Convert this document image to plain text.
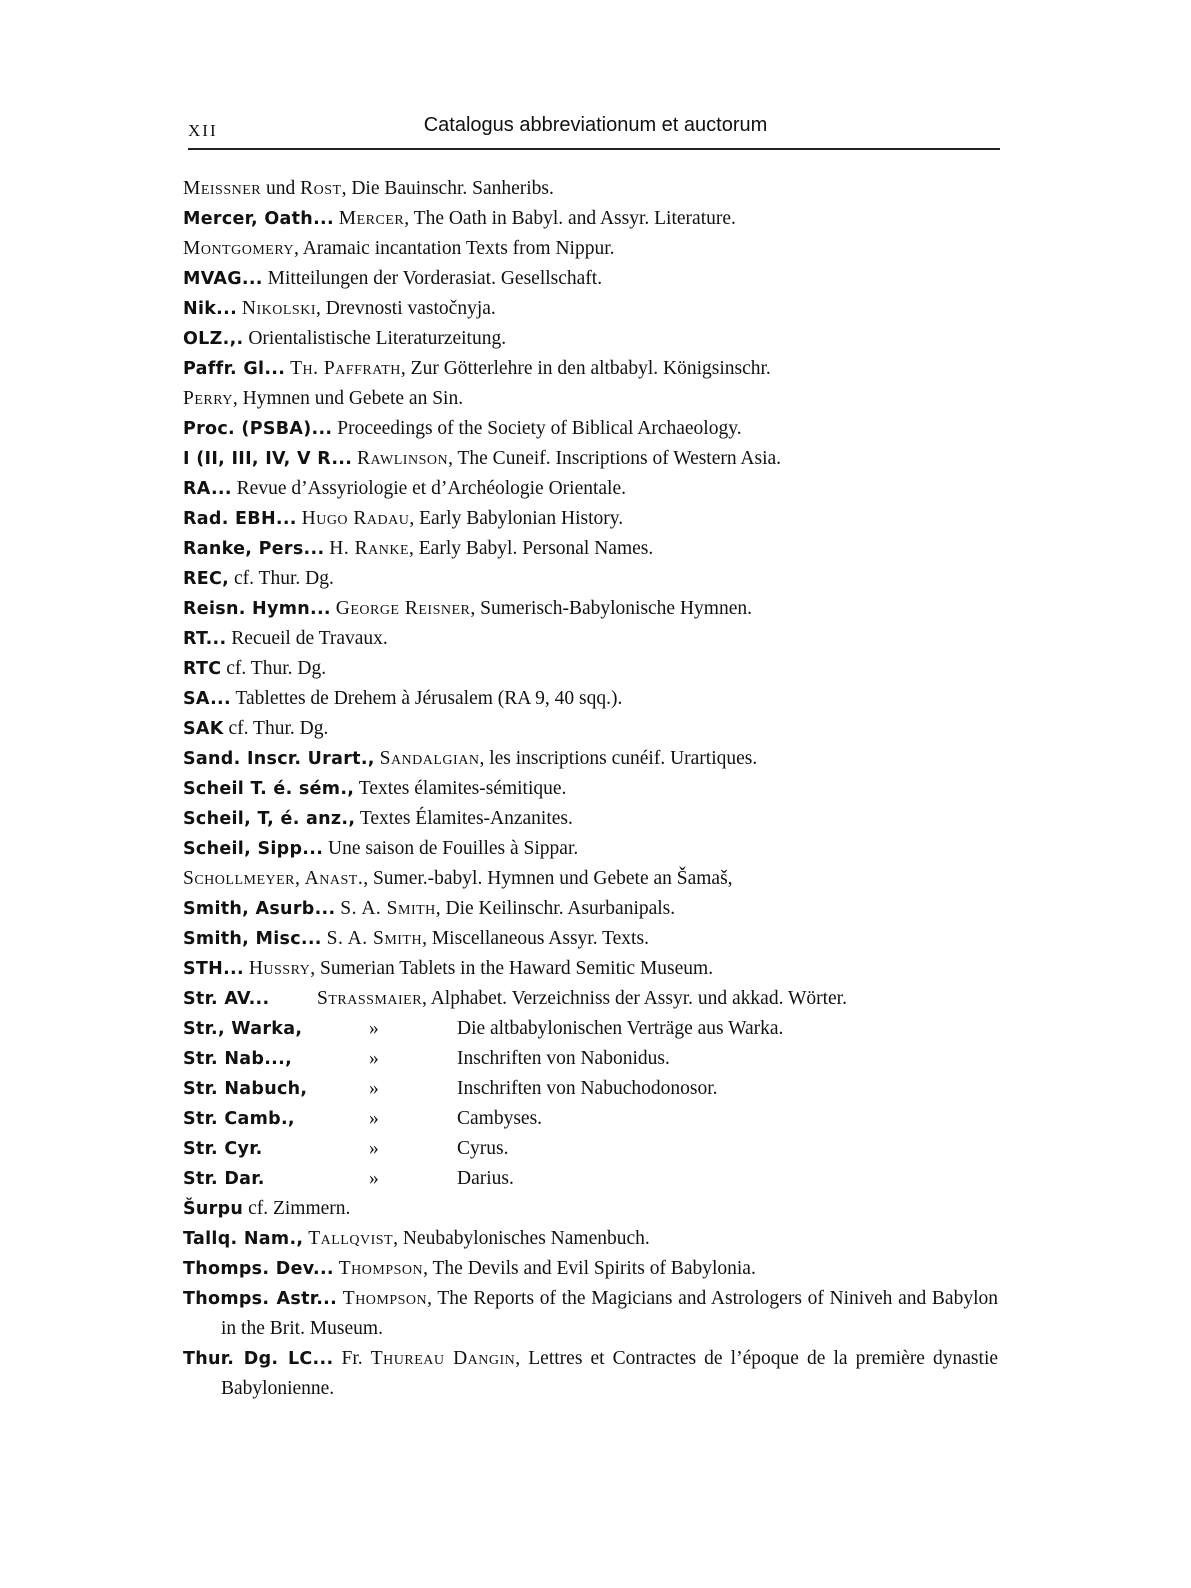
XII	Catalogus abbreviationum et auctorum
Meissner und Rost, Die Bauinschr. Sanheribs.
Mercer, Oath... Mercer, The Oath in Babyl. and Assyr. Literature.
Montgomery, Aramaic incantation Texts from Nippur.
MVAG... Mitteilungen der Vorderasiat. Gesellschaft.
Nik... Nikolski, Drevnosti vastočnyja.
OLZ.,. Orientalistische Literaturzeitung.
Paffr. Gl... Th. Paffrath, Zur Götterlehre in den altbabyl. Königsinschr.
Perry, Hymnen und Gebete an Sin.
Proc. (PSBA)... Proceedings of the Society of Biblical Archaeology.
I (II, III, IV, V R... Rawlinson, The Cuneif. Inscriptions of Western Asia.
RA... Revue d’Assyriologie et d’Archéologie Orientale.
Rad. EBH... Hugo Radau, Early Babylonian History.
Ranke, Pers... H. Ranke, Early Babyl. Personal Names.
REC, cf. Thur. Dg.
Reisn. Hymn... George Reisner, Sumerisch-Babylonische Hymnen.
RT... Recueil de Travaux.
RTC cf. Thur. Dg.
SA... Tablettes de Drehem à Jérusalem (RA 9, 40 sqq.).
SAK cf. Thur. Dg.
Sand. Inscr. Urart., Sandalgian, les inscriptions cunéif. Urartiques.
Scheil T. é. sém., Textes élamites-sémitique.
Scheil, T, é. anz., Textes Élamites-Anzanites.
Scheil, Sipp... Une saison de Fouilles à Sippar.
Schollmeyer, Anast., Sumer.-babyl. Hymnen und Gebete an Šamaš,
Smith, Asurb... S. A. Smith, Die Keilinschr. Asurbanipals.
Smith, Misc... S. A. Smith, Miscellaneous Assyr. Texts.
STH... Hussry, Sumerian Tablets in the Haward Semitic Museum.
Str. AV... Strassmaier, Alphabet. Verzeichniss der Assyr. und akkad. Wörter.
Str., Warka,	»	Die altbabylonischen Verträge aus Warka.
Str. Nab...,	»	Inschriften von Nabonidus.
Str. Nabuch,	»	Inschriften von Nabuchodonosor.
Str. Camb.,	»	Cambyses.
Str. Cyr.	»	Cyrus.
Str. Dar.	»	Darius.
Šurpu cf. Zimmern.
Tallq. Nam., Tallqvist, Neubabylonisches Namenbuch.
Thomps. Dev... Thompson, The Devils and Evil Spirits of Babylonia.
Thomps. Astr... Thompson, The Reports of the Magicians and Astrologers of Niniveh and Babylon in the Brit. Museum.
Thur. Dg. LC... Fr. Thureau Dangin, Lettres et Contractes de l’époque de la première dynastie Babylonienne.
